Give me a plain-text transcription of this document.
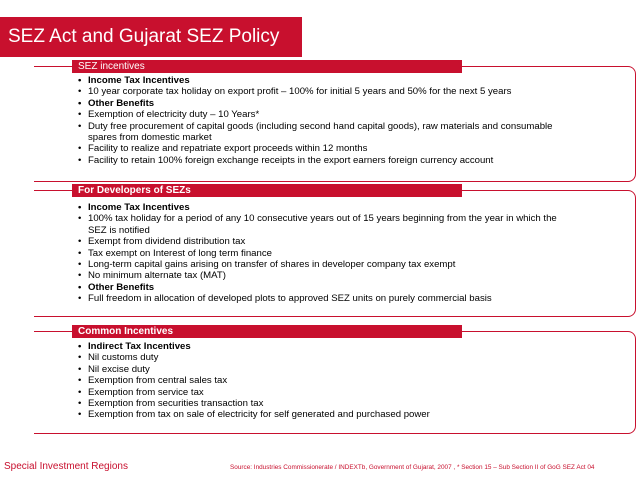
SEZ Act and Gujarat SEZ Policy
SEZ incentives
• Income Tax Incentives
• 10 year corporate tax holiday on export profit – 100% for initial 5 years and 50% for the next 5 years
• Other Benefits
• Exemption of electricity duty – 10 Years*
• Duty free procurement of capital goods (including second hand capital goods), raw materials and consumable spares from domestic market
• Facility to realize and repatriate export proceeds within 12 months
• Facility to retain 100% foreign exchange receipts in the export earners foreign currency account
For Developers of SEZs
• Income Tax Incentives
• 100% tax holiday for a period of any 10 consecutive years out of 15 years beginning from the year in which the SEZ is notified
• Exempt from dividend distribution tax
• Tax exempt on Interest of long term finance
• Long-term capital gains arising on transfer of shares in developer company tax exempt
• No minimum alternate tax (MAT)
• Other Benefits
• Full freedom in allocation of developed plots to approved SEZ units on purely commercial basis
Common Incentives
• Indirect Tax Incentives
• Nil customs duty
• Nil excise duty
• Exemption from central sales tax
• Exemption from service tax
• Exemption from securities transaction tax
• Exemption from tax on sale of electricity for self generated and purchased power
Special Investment Regions	Source: Industries Commissionerate / INDEXTb, Government of Gujarat, 2007 , * Section 15 – Sub Section II of GoG SEZ Act 04
